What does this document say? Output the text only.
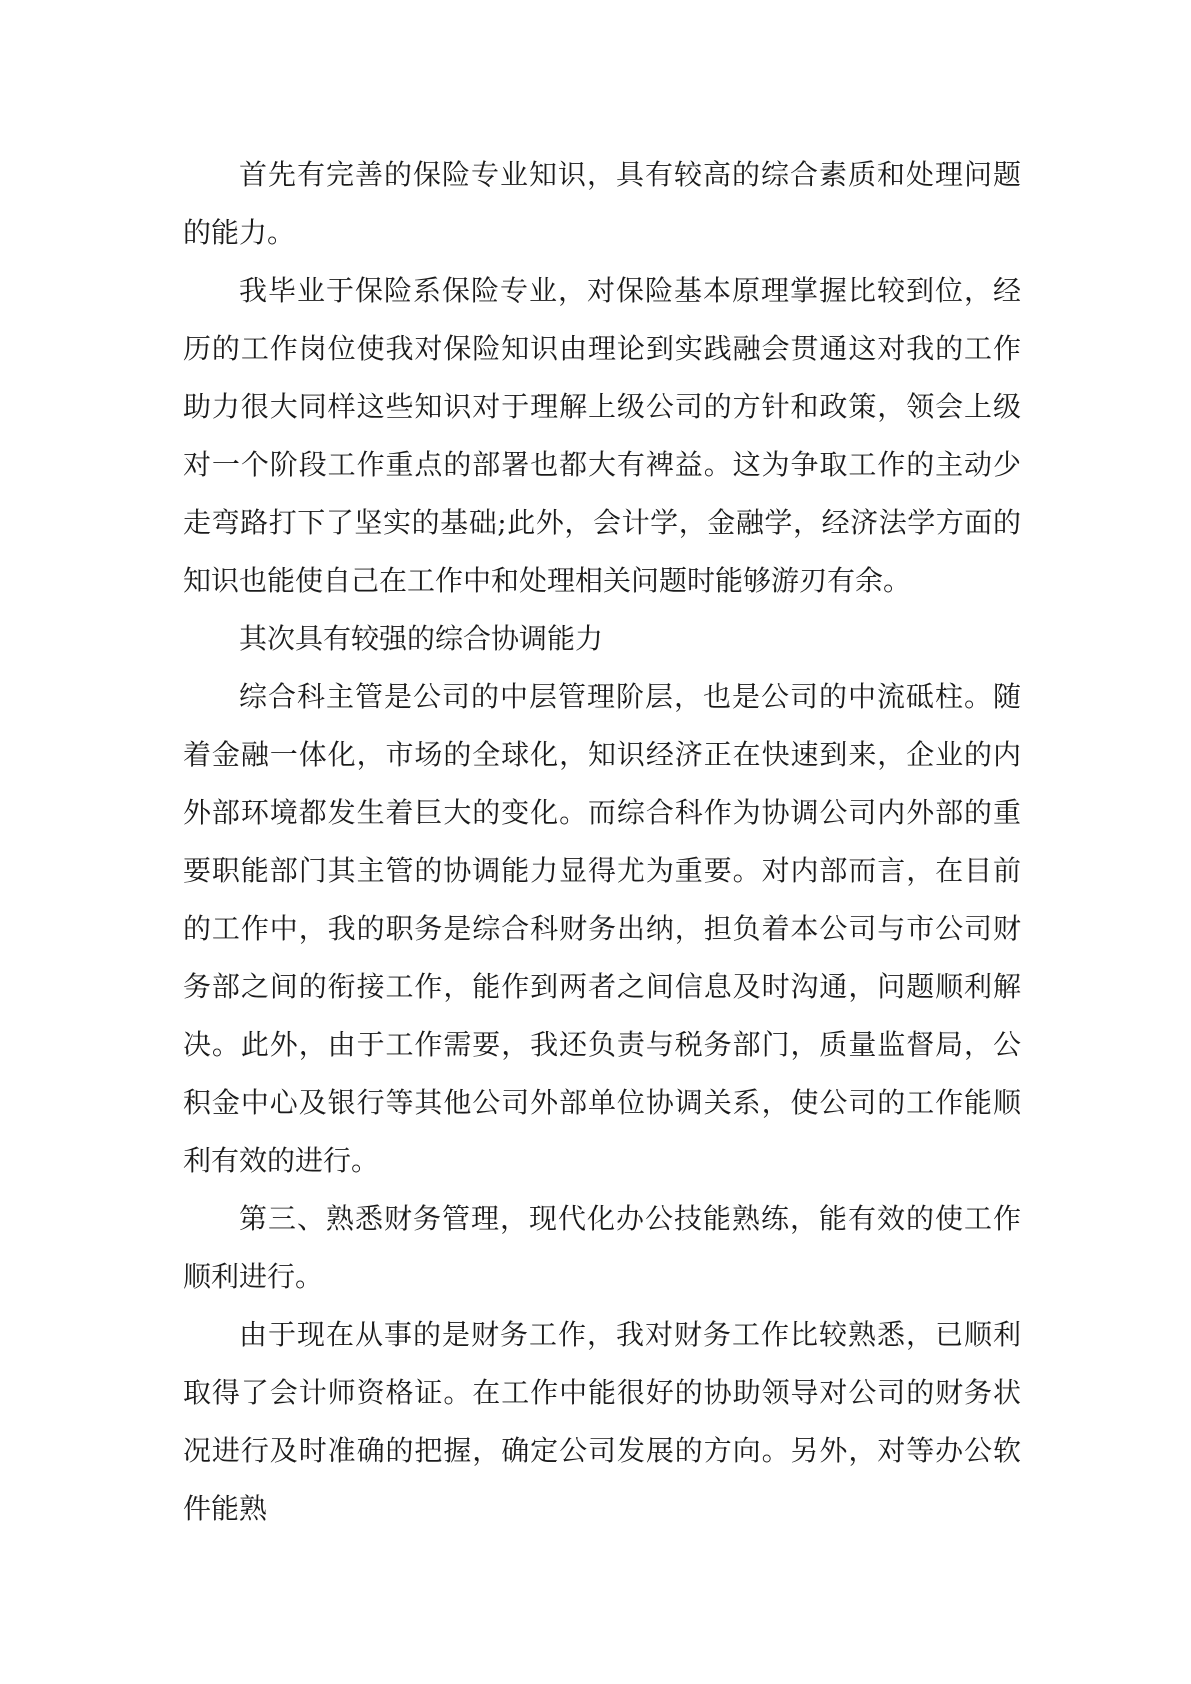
首先有完善的保险专业知识，具有较高的综合素质和处理问题的能力。

我毕业于保险系保险专业，对保险基本原理掌握比较到位，经历的工作岗位使我对保险知识由理论到实践融会贯通这对我的工作助力很大同样这些知识对于理解上级公司的方针和政策，领会上级对一个阶段工作重点的部署也都大有裨益。这为争取工作的主动少走弯路打下了坚实的基础;此外，会计学，金融学，经济法学方面的知识也能使自己在工作中和处理相关问题时能够游刃有余。

其次具有较强的综合协调能力

综合科主管是公司的中层管理阶层，也是公司的中流砥柱。随着金融一体化，市场的全球化，知识经济正在快速到来，企业的内外部环境都发生着巨大的变化。而综合科作为协调公司内外部的重要职能部门其主管的协调能力显得尤为重要。对内部而言，在目前的工作中，我的职务是综合科财务出纳，担负着本公司与市公司财务部之间的衔接工作，能作到两者之间信息及时沟通，问题顺利解决。此外，由于工作需要，我还负责与税务部门，质量监督局，公积金中心及银行等其他公司外部单位协调关系，使公司的工作能顺利有效的进行。

第三、熟悉财务管理，现代化办公技能熟练，能有效的使工作顺利进行。

由于现在从事的是财务工作，我对财务工作比较熟悉，已顺利取得了会计师资格证。在工作中能很好的协助领导对公司的财务状况进行及时准确的把握，确定公司发展的方向。另外，对等办公软件能熟
